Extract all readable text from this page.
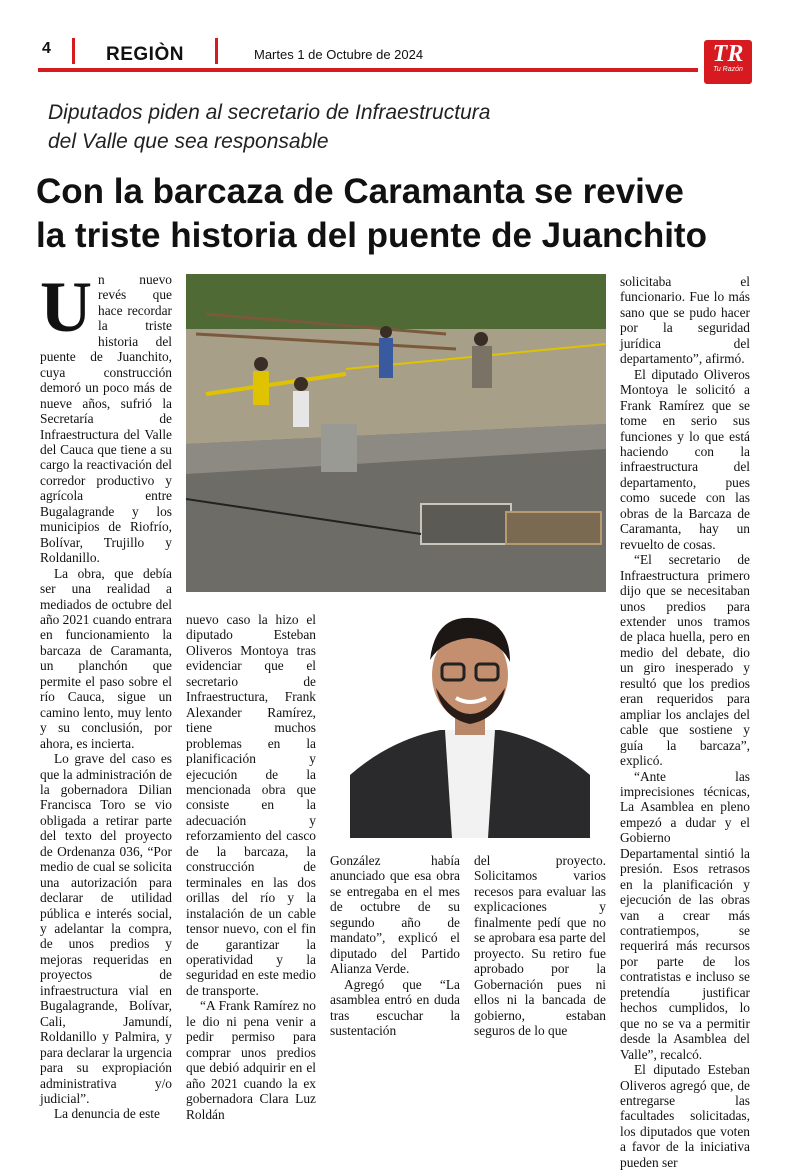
4	REGIÒN	Martes 1 de Octubre de 2024	TR
Tu Razón
Diputados piden al secretario de Infraestructura
del Valle que sea responsable
Con la barcaza de Caramanta se revive
la triste historia del puente de Juanchito

Un nuevo revés que hace recordar la triste historia del puente de Juanchito, cuya construcción demoró un poco más de nueve años, sufrió la Secretaría de Infraestructura del Valle del Cauca que tiene a su cargo la reactivación del corredor productivo y agrícola entre Bugalagrande y los municipios de Riofrío, Bolívar, Trujillo y Roldanillo.

La obra, que debía ser una realidad a mediados de octubre del año 2021 cuando entrara en funcionamiento la barcaza de Caramanta, un planchón que permite el paso sobre el río Cauca, sigue un camino lento, muy lento y su conclusión, por ahora, es incierta.

Lo grave del caso es que la administración de la gobernadora Dilian Francisca Toro se vio obligada a retirar parte del texto del proyecto de Ordenanza 036, “Por medio de cual se solicita una autorización para declarar de utilidad pública e interés social, y adelantar la compra, de unos predios y mejoras requeridas en proyectos de infraestructura vial en Bugalagrande, Bolívar, Cali, Jamundí, Roldanillo y Palmira, y para declarar la urgencia para su expropiación administrativa y/o judicial”.

La denuncia de este

nuevo caso la hizo el diputado Esteban Oliveros Montoya tras evidenciar que el secretario de Infraestructura, Frank Alexander Ramírez, tiene muchos problemas en la planificación y ejecución de la mencionada obra que consiste en la adecuación y reforzamiento del casco de la barcaza, la construcción de terminales en las dos orillas del río y la instalación de un cable tensor nuevo, con el fin de garantizar la operatividad y la seguridad en este medio de transporte.

“A Frank Ramírez no le dio ni pena venir a pedir permiso para comprar unos predios que debió adquirir en el año 2021 cuando la ex gobernadora Clara Luz Roldán

González había anunciado que esa obra se entregaba en el mes de octubre de su segundo año de mandato”, explicó el diputado del Partido Alianza Verde.

Agregó que “La asamblea entró en duda tras escuchar la sustentación

del proyecto. Solicitamos varios recesos para evaluar las explicaciones y finalmente pedí que no se aprobara esa parte del proyecto. Su retiro fue aprobado por la Gobernación pues ni ellos ni la bancada de gobierno, estaban seguros de lo que

solicitaba el funcionario. Fue lo más sano que se pudo hacer por la seguridad jurídica del departamento”, afirmó.

El diputado Oliveros Montoya le solicitó a Frank Ramírez que se tome en serio sus funciones y lo que está haciendo con la infraestructura del departamento, pues como sucede con las obras de la Barcaza de Caramanta, hay un revuelto de cosas.

“El secretario de Infraestructura primero dijo que se necesitaban unos predios para extender unos tramos de placa huella, pero en medio del debate, dio un giro inesperado y resultó que los predios eran requeridos para ampliar los anclajes del cable que sostiene y guía la barcaza”, explicó.

“Ante las imprecisiones técnicas, La Asamblea en pleno empezó a dudar y el Gobierno Departamental sintió la presión. Esos retrasos en la planificación y ejecución de las obras van a crear más contratiempos, se requerirá más recursos por parte de los contratistas e incluso se pretendía justificar hechos cumplidos, lo que no se va a permitir desde la Asamblea del Valle”, recalcó.

El diputado Esteban Oliveros agregó que, de entregarse las facultades solicitadas, los diputados que voten a favor de la iniciativa pueden ser
